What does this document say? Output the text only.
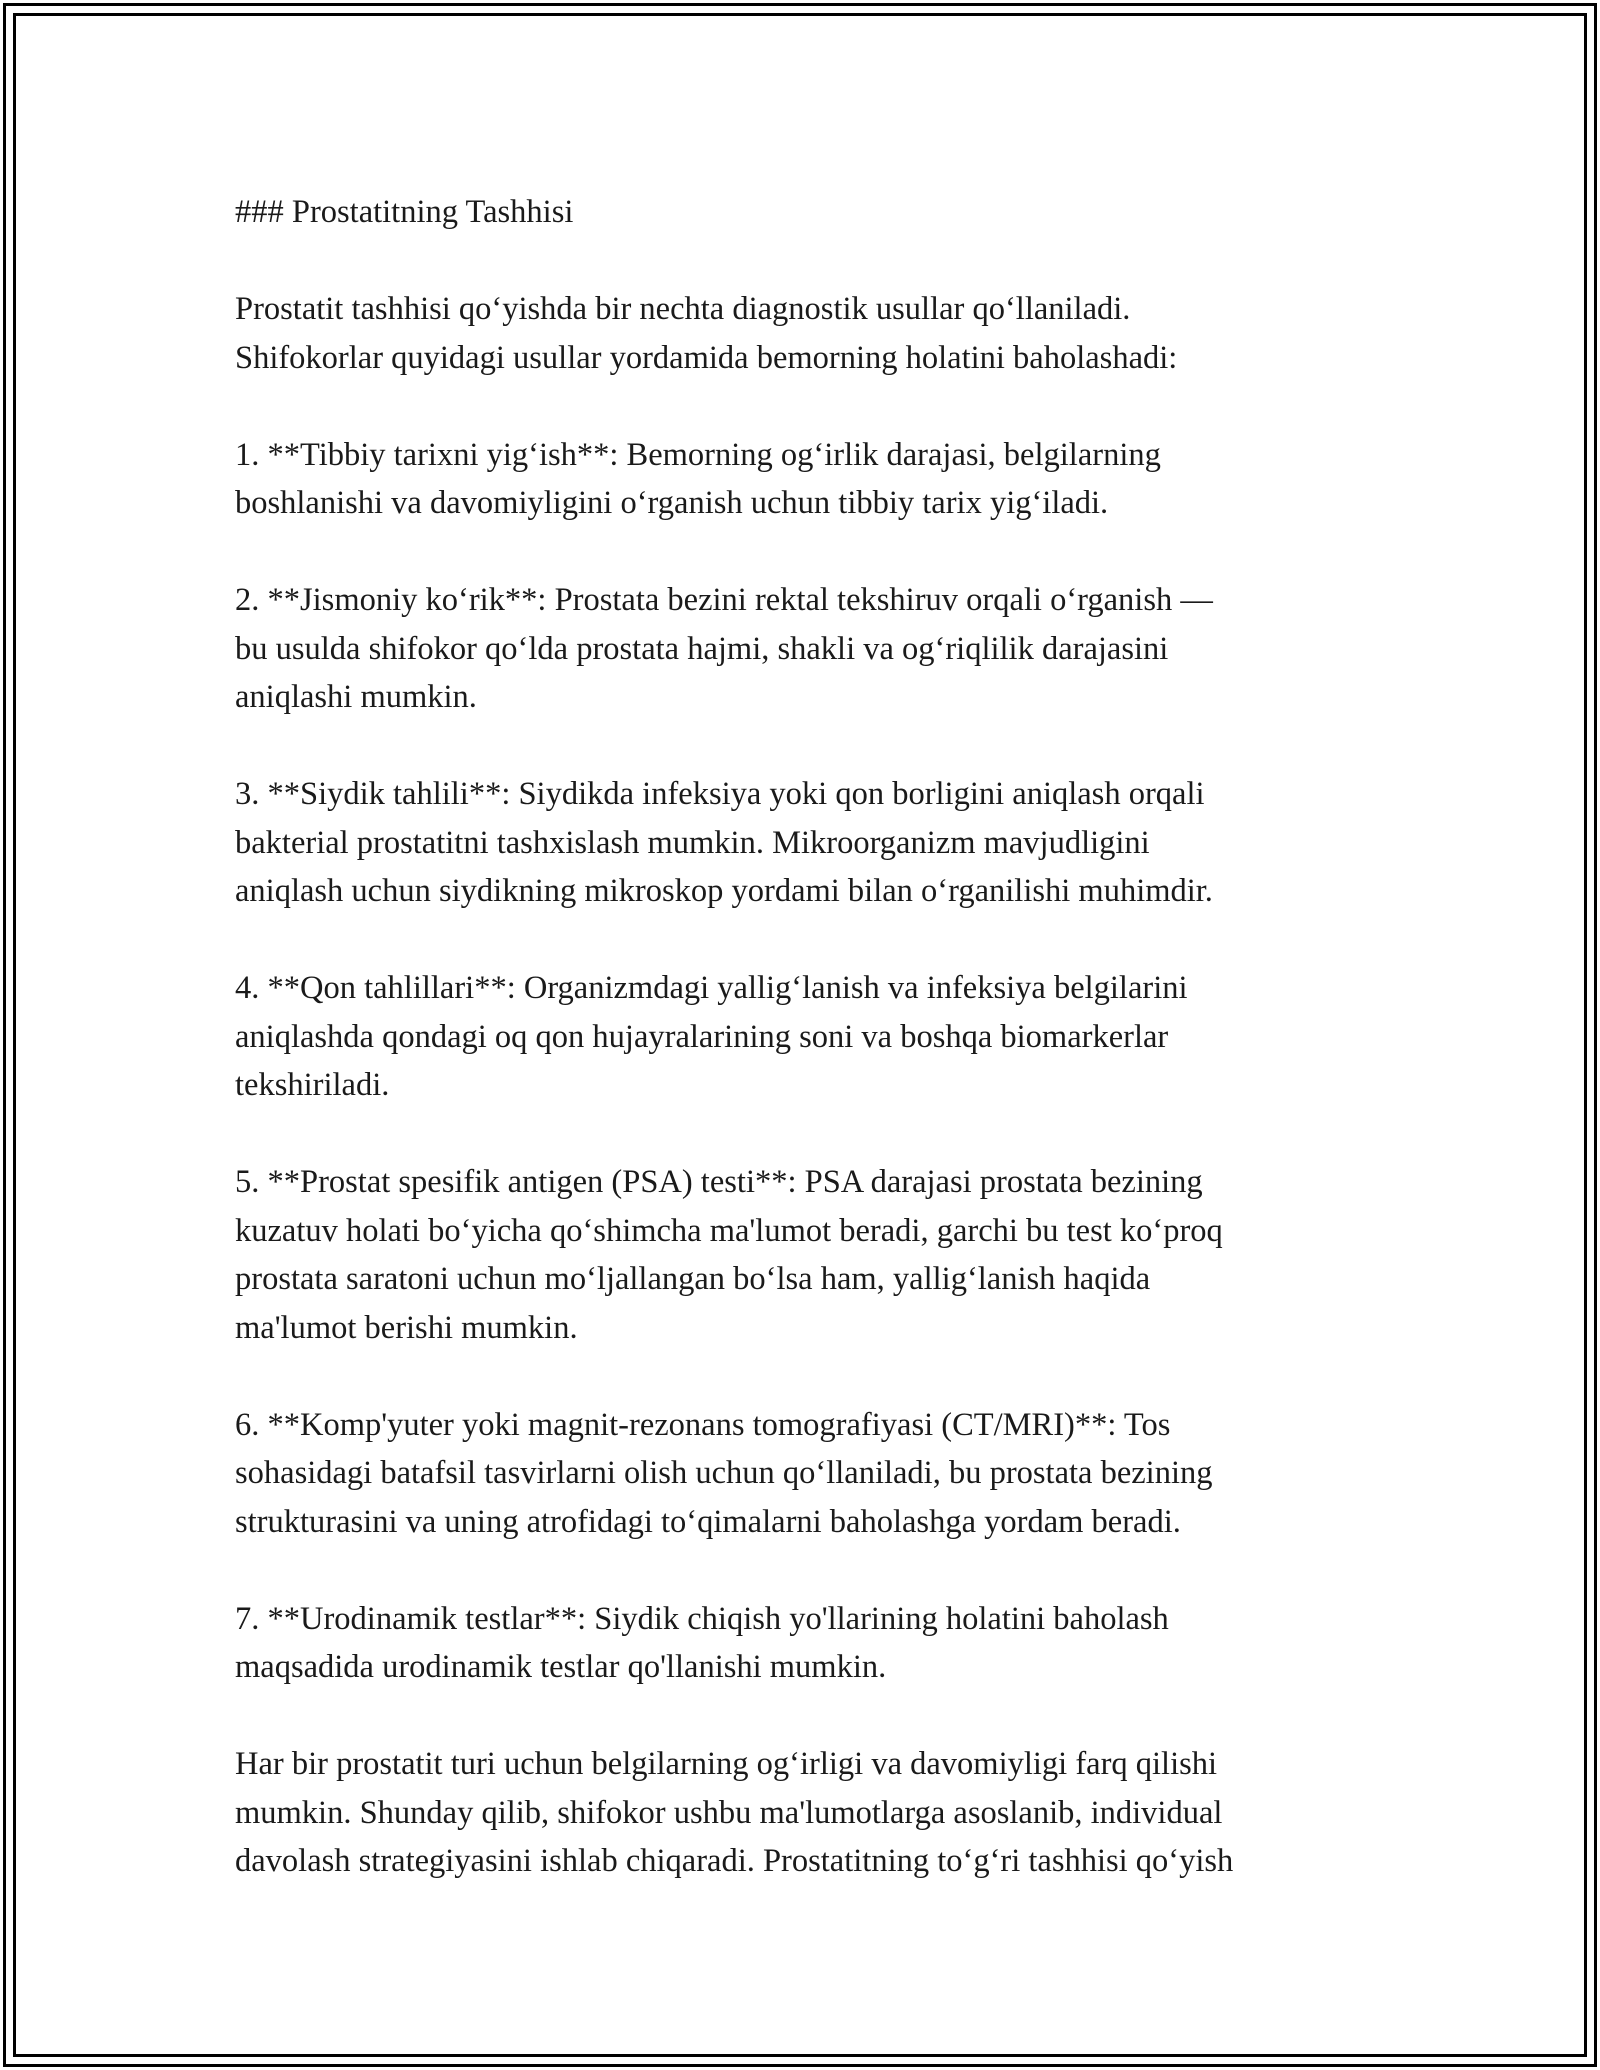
### Prostatitning Tashhisi

Prostatit tashhisi qo‘yishda bir nechta diagnostik usullar qo‘llaniladi.
Shifokorlar quyidagi usullar yordamida bemorning holatini baholashadi:

1. **Tibbiy tarixni yig‘ish**: Bemorning og‘irlik darajasi, belgilarning
boshlanishi va davomiyligini o‘rganish uchun tibbiy tarix yig‘iladi.

2. **Jismoniy ko‘rik**: Prostata bezini rektal tekshiruv orqali o‘rganish —
bu usulda shifokor qo‘lda prostata hajmi, shakli va og‘riqlilik darajasini
aniqlashi mumkin.

3. **Siydik tahlili**: Siydikda infeksiya yoki qon borligini aniqlash orqali
bakterial prostatitni tashxislash mumkin. Mikroorganizm mavjudligini
aniqlash uchun siydikning mikroskop yordami bilan o‘rganilishi muhimdir.

4. **Qon tahlillari**: Organizmdagi yallig‘lanish va infeksiya belgilarini
aniqlashda qondagi oq qon hujayralarining soni va boshqa biomarkerlar
tekshiriladi.

5. **Prostat spesifik antigen (PSA) testi**: PSA darajasi prostata bezining
kuzatuv holati bo‘yicha qo‘shimcha ma'lumot beradi, garchi bu test ko‘proq
prostata saratoni uchun mo‘ljallangan bo‘lsa ham, yallig‘lanish haqida
ma'lumot berishi mumkin.

6. **Komp'yuter yoki magnit-rezonans tomografiyasi (CT/MRI)**: Tos
sohasidagi batafsil tasvirlarni olish uchun qo‘llaniladi, bu prostata bezining
strukturasini va uning atrofidagi to‘qimalarni baholashga yordam beradi.

7. **Urodinamik testlar**: Siydik chiqish yo'llarining holatini baholash
maqsadida urodinamik testlar qo'llanishi mumkin.

Har bir prostatit turi uchun belgilarning og‘irligi va davomiyligi farq qilishi
mumkin. Shunday qilib, shifokor ushbu ma'lumotlarga asoslanib, individual
davolash strategiyasini ishlab chiqaradi. Prostatitning to‘g‘ri tashhisi qo‘yish
